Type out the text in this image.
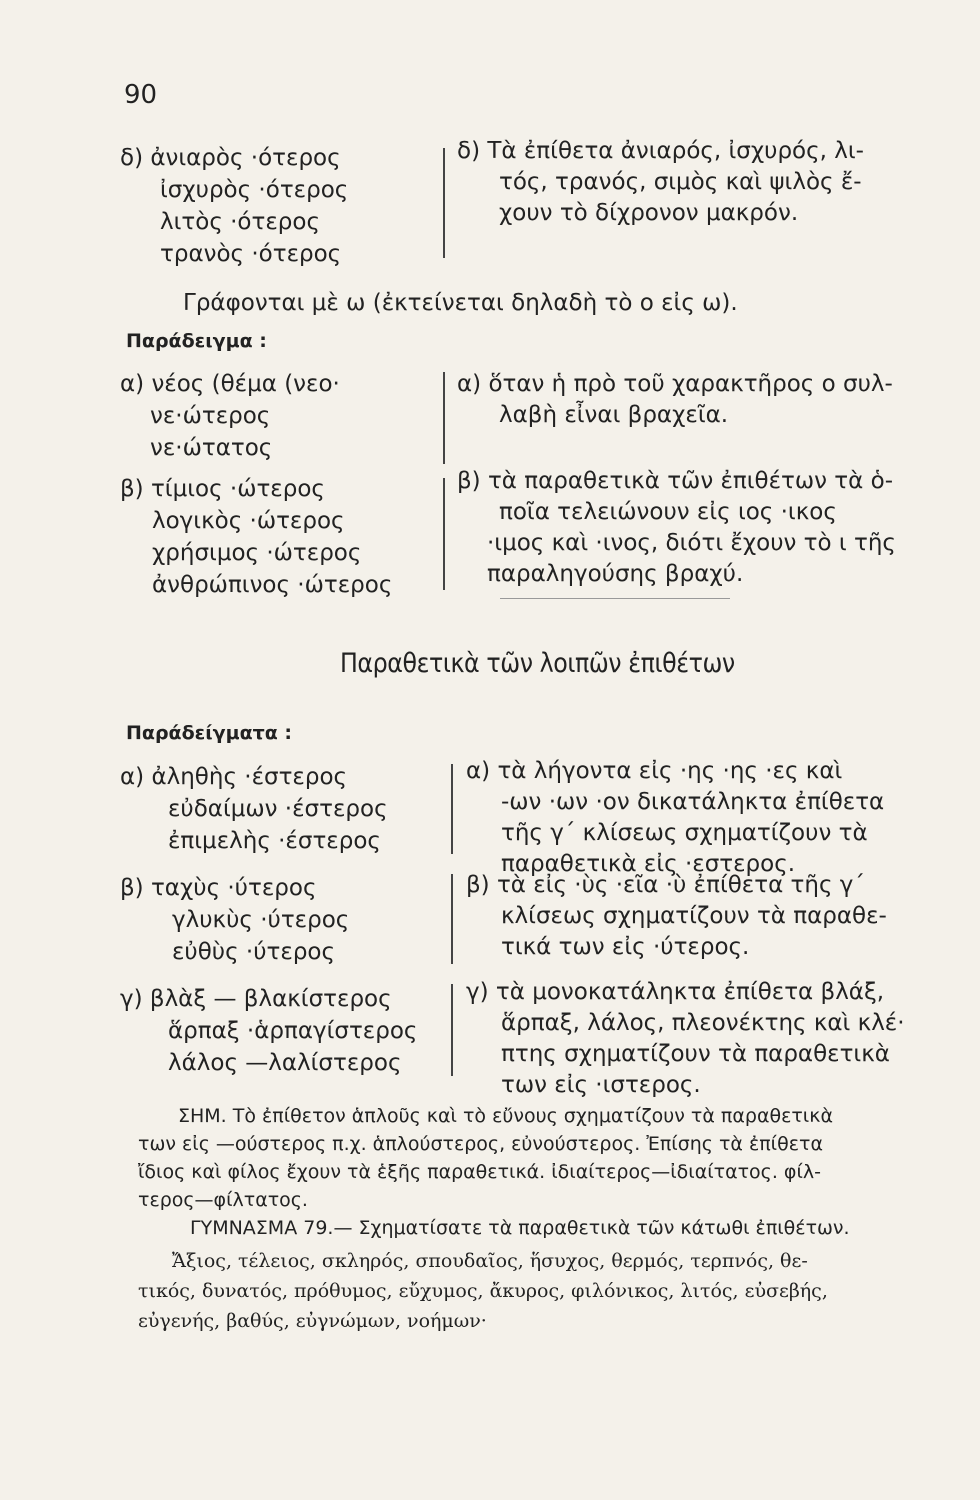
90
δ) ἀνιαρὸς ·ότερος
ἰσχυρὸς ·ότερος
λιτὸς ·ότερος
τρανὸς ·ότερος
δ) Τὰ ἐπίθετα ἀνιαρός, ἰσχυρός, λι-
τός, τρανός, σιμὸς καὶ ψιλὸς ἔ-
χουν τὸ δίχρονον μακρόν.
Γράφονται μὲ ω (ἐκτείνεται δηλαδὴ τὸ ο εἰς ω).
Παράδειγμα :
α) νέος (θέμα (νεο·
νε·ώτερος
νε·ώτατος
α) ὅταν ἡ πρὸ τοῦ χαρακτῆρος ο συλ-
λαβὴ εἶναι βραχεῖα.
β) τίμιος ·ώτερος
λογικὸς ·ώτερος
χρήσιμος ·ώτερος
ἀνθρώπινος ·ώτερος
β) τὰ παραθετικὰ τῶν ἐπιθέτων τὰ ὁ-
ποῖα τελειώνουν εἰς ιος ·ικος
·ιμος καὶ ·ινος, διότι ἔχουν τὸ ι τῆς
παραληγούσης βραχύ.
Παραθετικὰ τῶν λοιπῶν ἐπιθέτων
Παράδείγματα :
α) ἀληθὴς ·έστερος
εὐδαίμων ·έστερος
ἐπιμελὴς ·έστερος
α) τὰ λήγοντα εἰς ·ης ·ης ·ες καὶ
-ων ·ων ·ον δικατάληκτα ἐπίθετα
τῆς γ΄ κλίσεως σχηματίζουν τὰ
παραθετικὰ εἰς ·εστερος.
β) ταχὺς ·ύτερος
γλυκὺς ·ύτερος
εὐθὺς ·ύτερος
β) τὰ εἰς ·ὺς ·εῖα ·ὺ ἐπίθετα τῆς γ΄
κλίσεως σχηματίζουν τὰ παραθε-
τικά των εἰς ·ύτερος.
γ) βλὰξ — βλακίστερος
ἅρπαξ ·ἁρπαγίστερος
λάλος —λαλίστερος
γ) τὰ μονοκατάληκτα ἐπίθετα βλάξ,
ἅρπαξ, λάλος, πλεονέκτης καὶ κλέ·
πτης σχηματίζουν τὰ παραθετικὰ
των εἰς ·ιστερος.
ΣΗΜ. Τὸ ἐπίθετον ἁπλοῦς καὶ τὸ εὔνους σχηματίζουν τὰ παραθετικὰ
των εἰς —ούστερος π.χ. ἁπλούστερος, εὐνούστερος. Ἐπίσης τὰ ἐπίθετα
ἴδιος καὶ φίλος ἔχουν τὰ ἑξῆς παραθετικά. ἰδιαίτερος—ἰδιαίτατος. φίλ-
τερος—φίλτατος.
ΓΥΜΝΑΣΜΑ 79.— Σχηματίσατε τὰ παραθετικὰ τῶν κάτωθι ἐπιθέτων.
Ἄξιος, τέλειος, σκληρός, σπουδαῖος, ἥσυχος, θερμός, τερπνός, θε-
τικός, δυνατός, πρόθυμος, εὔχυμος, ἄκυρος, φιλόνικος, λιτός, εὐσεβής,
εὐγενής, βαθύς, εὐγνώμων, νοήμων·
